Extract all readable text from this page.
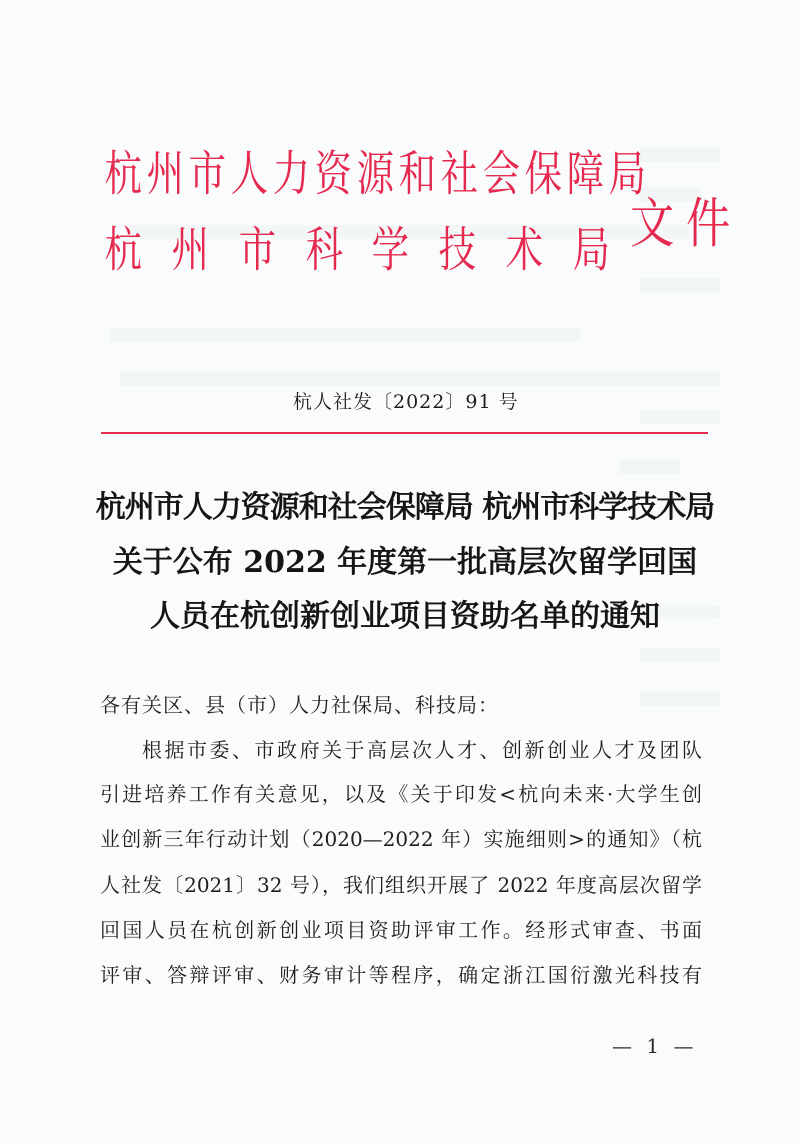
杭 州 市 人 力 资 源 和 社 会 保 障 局
杭 州 市 科 学 技 术 局 文 件
杭人社发〔2022〕91 号
杭州市人力资源和社会保障局 杭州市科学技术局
关于公布 2022 年度第一批高层次留学回国
人员在杭创新创业项目资助名单的通知
各有关区、县（市）人力社保局、科技局：
根据市委、市政府关于高层次人才、创新创业人才及团队
引进培养工作有关意见，以及《关于印发<杭向未来·大学生创
业创新三年行动计划（2020—2022 年）实施细则>的通知》（杭
人社发〔2021〕32 号），我们组织开展了 2022 年度高层次留学
回国人员在杭创新创业项目资助评审工作。经形式审查、书面
评审、答辩评审、财务审计等程序，确定浙江国衍激光科技有
— 1 —
